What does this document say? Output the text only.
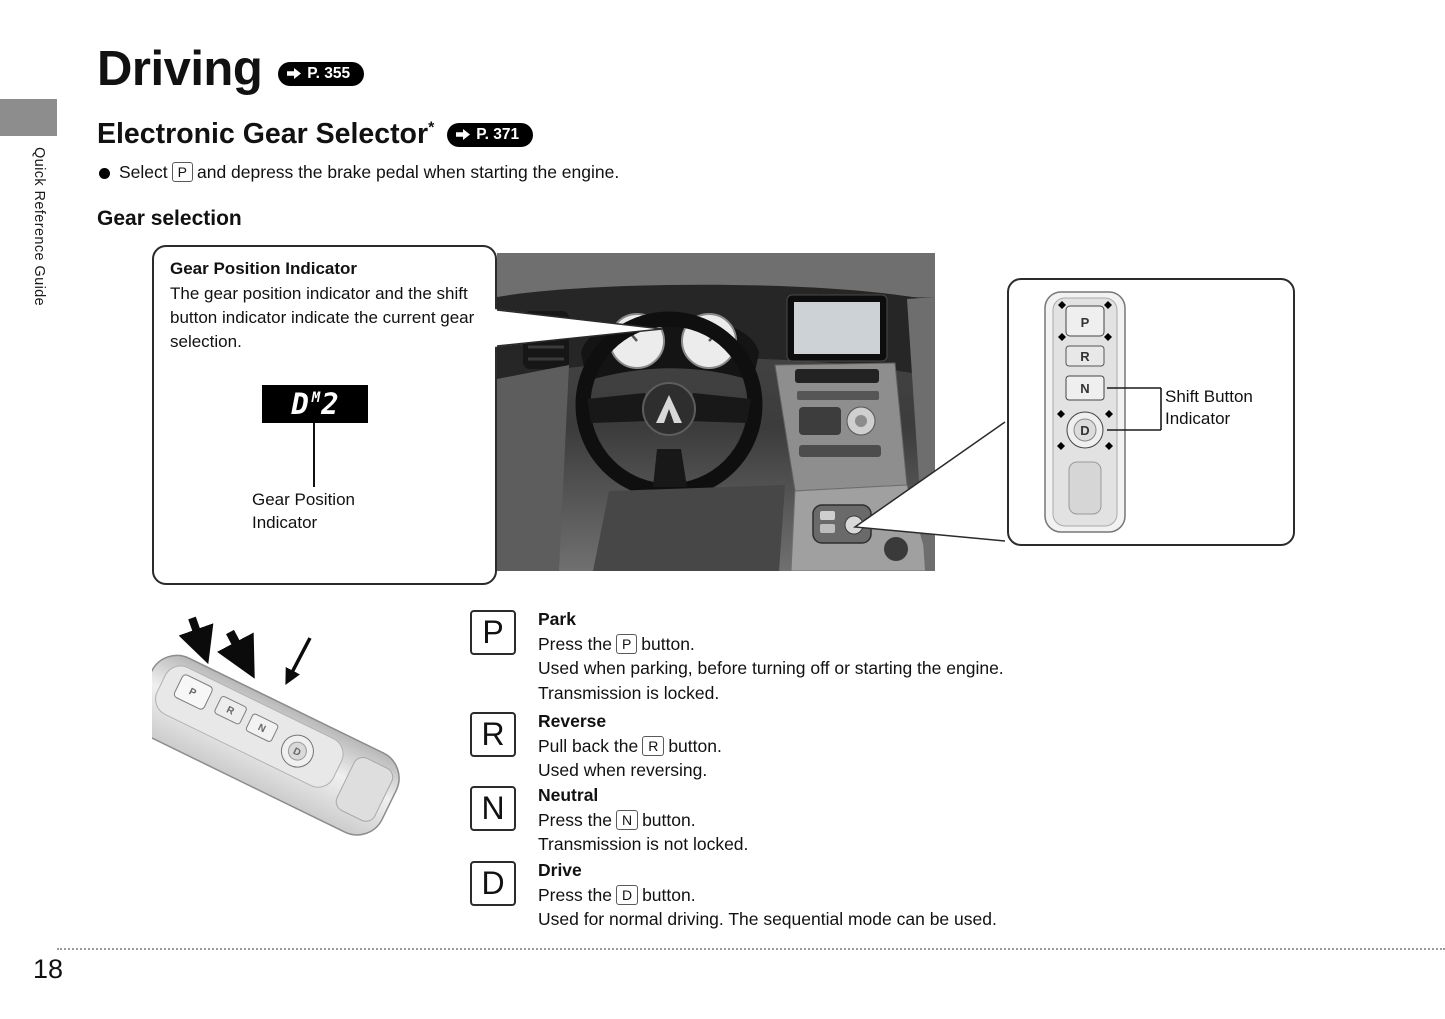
Quick Reference Guide
Driving	P. 355
Electronic Gear Selector*	P. 371
Select P and depress the brake pedal when starting the engine.
Gear selection
Gear Position Indicator
The gear position indicator and the shift button indicator indicate the current gear selection.
D M 2
Gear Position Indicator
P
R
N
D
Shift Button Indicator
P
R
N
D
P	Park
Press the P button.
Used when parking, before turning off or starting the engine.
Transmission is locked.
R	Reverse
Pull back the R button.
Used when reversing.
N	Neutral
Press the N button.
Transmission is not locked.
D	Drive
Press the D button.
Used for normal driving. The sequential mode can be used.
18
